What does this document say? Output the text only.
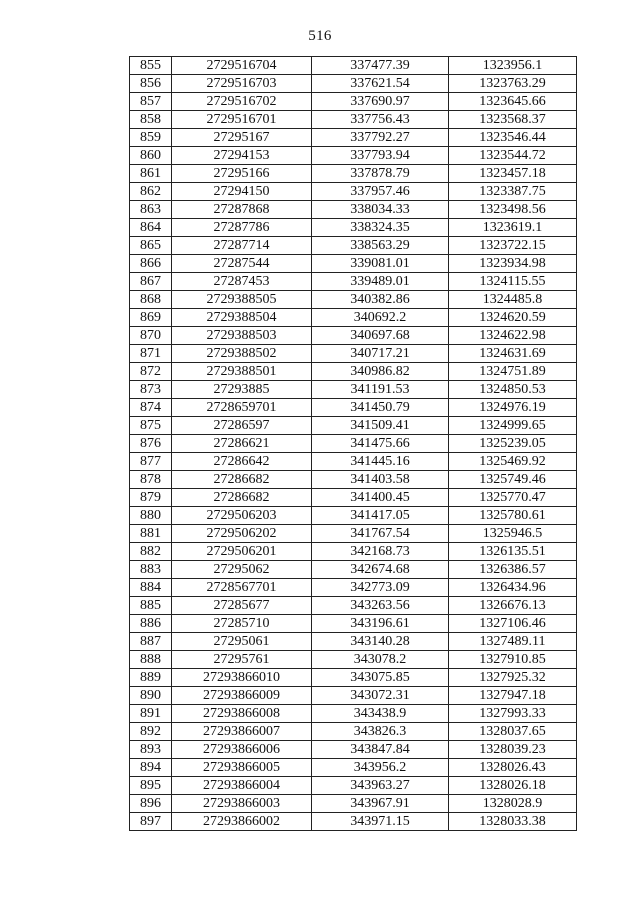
516
855	2729516704	337477.39	1323956.1
856	2729516703	337621.54	1323763.29
857	2729516702	337690.97	1323645.66
858	2729516701	337756.43	1323568.37
859	27295167	337792.27	1323546.44
860	27294153	337793.94	1323544.72
861	27295166	337878.79	1323457.18
862	27294150	337957.46	1323387.75
863	27287868	338034.33	1323498.56
864	27287786	338324.35	1323619.1
865	27287714	338563.29	1323722.15
866	27287544	339081.01	1323934.98
867	27287453	339489.01	1324115.55
868	2729388505	340382.86	1324485.8
869	2729388504	340692.2	1324620.59
870	2729388503	340697.68	1324622.98
871	2729388502	340717.21	1324631.69
872	2729388501	340986.82	1324751.89
873	27293885	341191.53	1324850.53
874	2728659701	341450.79	1324976.19
875	27286597	341509.41	1324999.65
876	27286621	341475.66	1325239.05
877	27286642	341445.16	1325469.92
878	27286682	341403.58	1325749.46
879	27286682	341400.45	1325770.47
880	2729506203	341417.05	1325780.61
881	2729506202	341767.54	1325946.5
882	2729506201	342168.73	1326135.51
883	27295062	342674.68	1326386.57
884	2728567701	342773.09	1326434.96
885	27285677	343263.56	1326676.13
886	27285710	343196.61	1327106.46
887	27295061	343140.28	1327489.11
888	27295761	343078.2	1327910.85
889	27293866010	343075.85	1327925.32
890	27293866009	343072.31	1327947.18
891	27293866008	343438.9	1327993.33
892	27293866007	343826.3	1328037.65
893	27293866006	343847.84	1328039.23
894	27293866005	343956.2	1328026.43
895	27293866004	343963.27	1328026.18
896	27293866003	343967.91	1328028.9
897	27293866002	343971.15	1328033.38
